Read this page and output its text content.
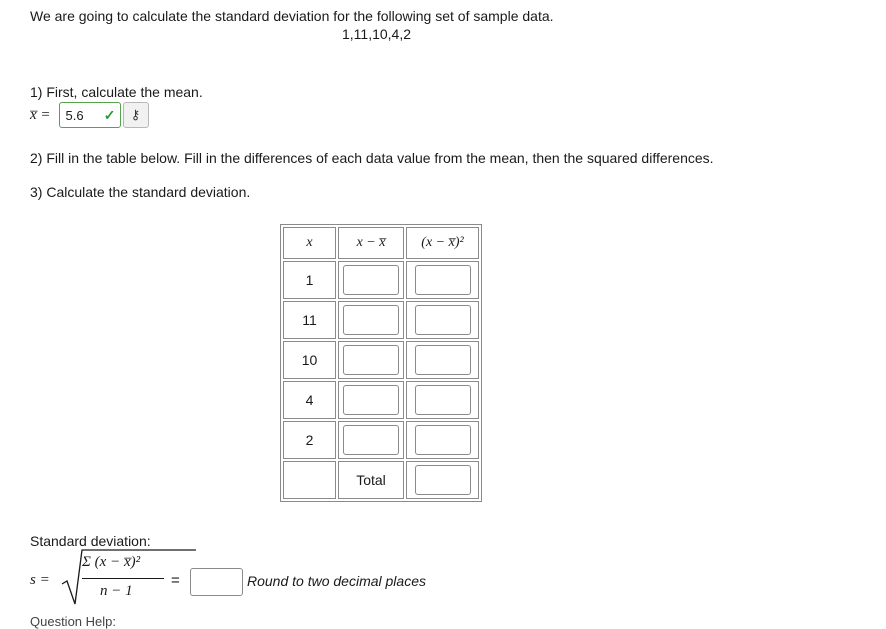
We are going to calculate the standard deviation for the following set of sample data.
1,11,10,4,2
1) First, calculate the mean.
x̅ = 5.6 ✓	⚷
2) Fill in the table below. Fill in the differences of each data value from the mean, then the squared differences.
3) Calculate the standard deviation.
x	x − x̅	(x − x̅)²
1	

11	

10	

4	

2	

	Total	
Standard deviation:
s =
Σ (x − x̅)²
n − 1
=	Round to two decimal places
Question Help:
